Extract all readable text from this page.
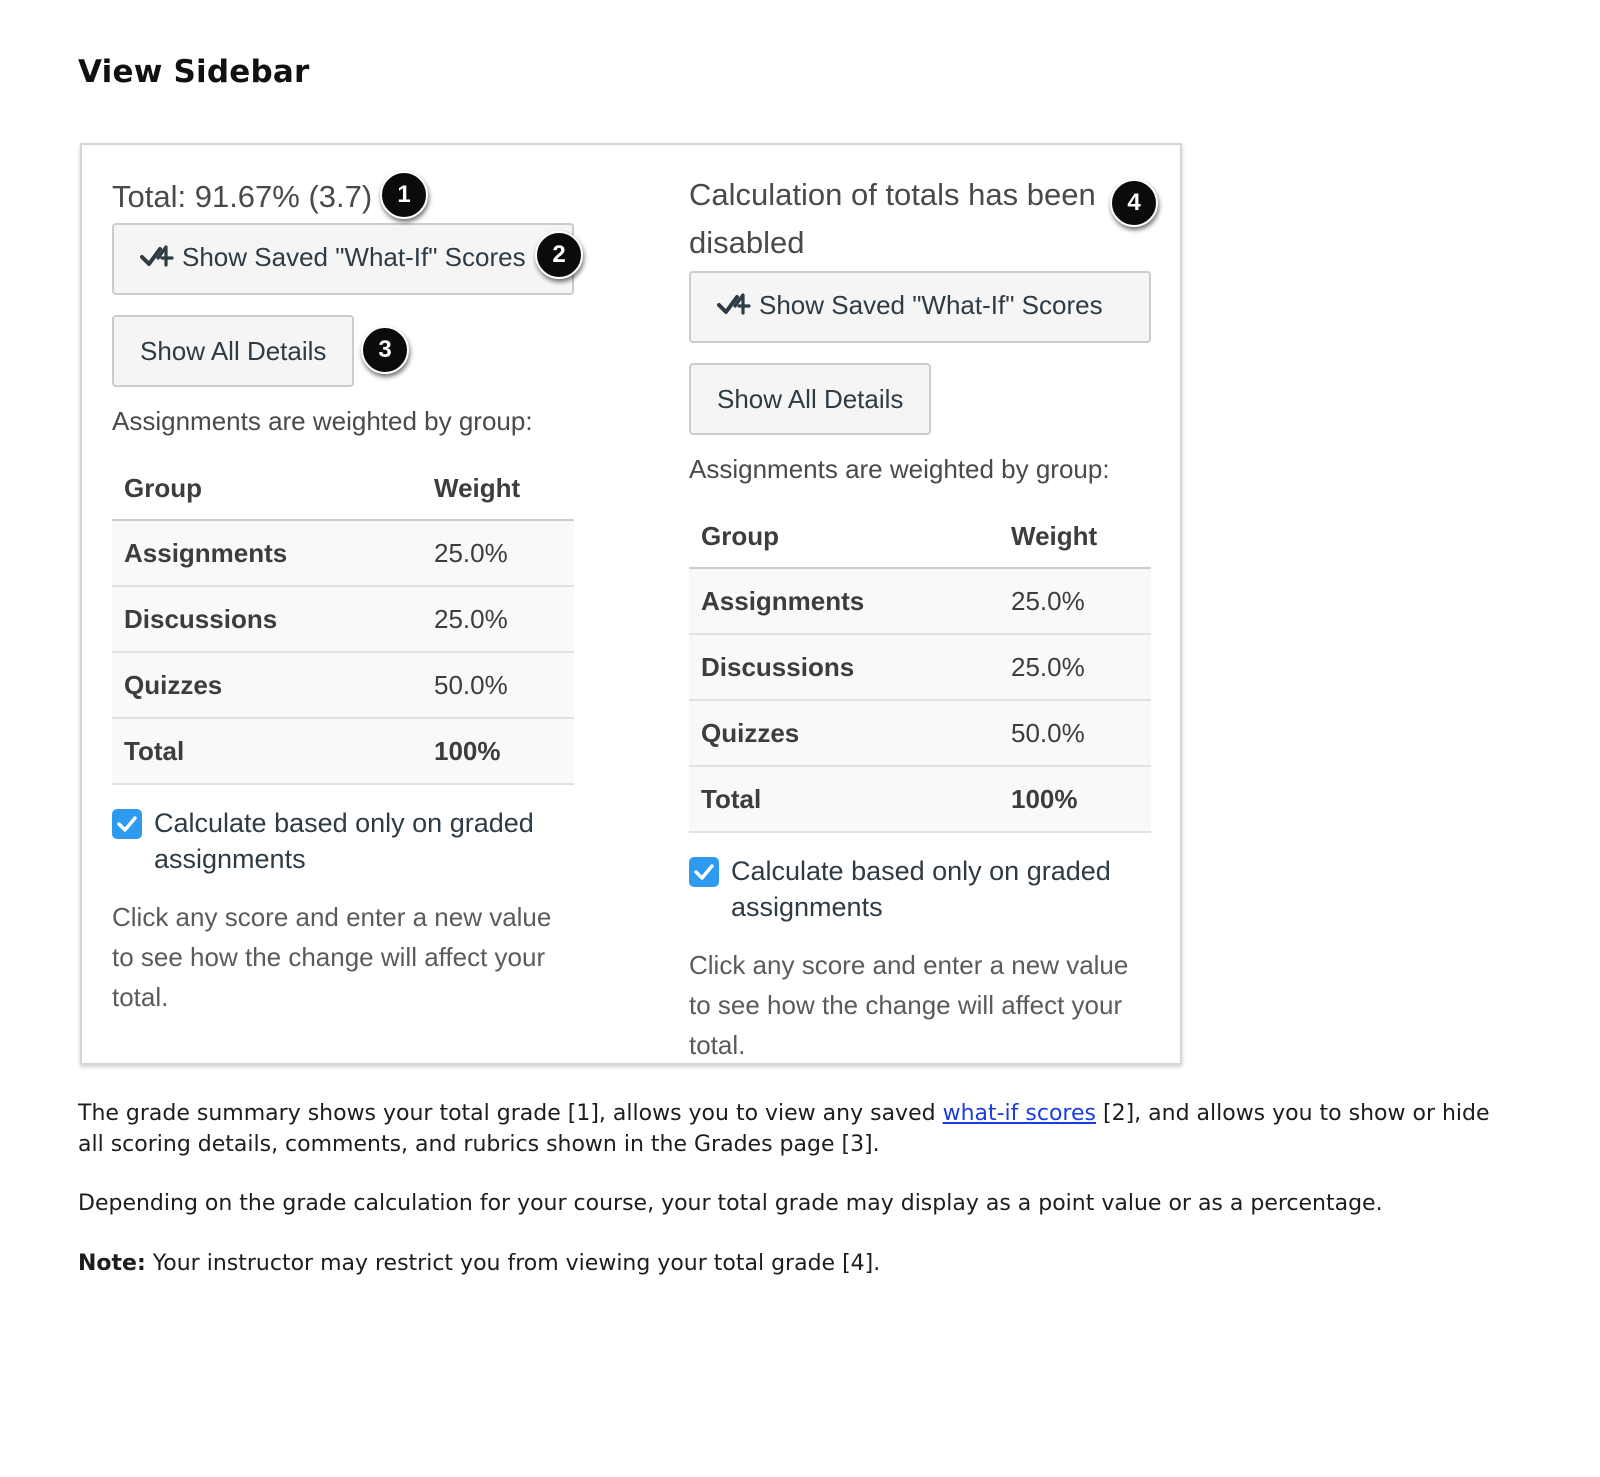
View Sidebar

Total: 91.67% (3.7)

Show Saved "What-If" Scores
Show All Details

Assignments are weighted by group:

Group	Weight
Assignments	25.0%
Discussions	25.0%
Quizzes	50.0%
Total	100%
Calculate based only on graded assignments

Click any score and enter a new value to see how the change will affect your total.

Calculation of totals has been disabled

Show Saved "What-If" Scores
Show All Details

Assignments are weighted by group:

Group	Weight
Assignments	25.0%
Discussions	25.0%
Quizzes	50.0%
Total	100%
Calculate based only on graded assignments

Click any score and enter a new value to see how the change will affect your total.

1
2
3
4

The grade summary shows your total grade [1], allows you to view any saved what-if scores [2], and allows you to show or hide all scoring details, comments, and rubrics shown in the Grades page [3].

Depending on the grade calculation for your course, your total grade may display as a point value or as a percentage.

Note: Your instructor may restrict you from viewing your total grade [4].
